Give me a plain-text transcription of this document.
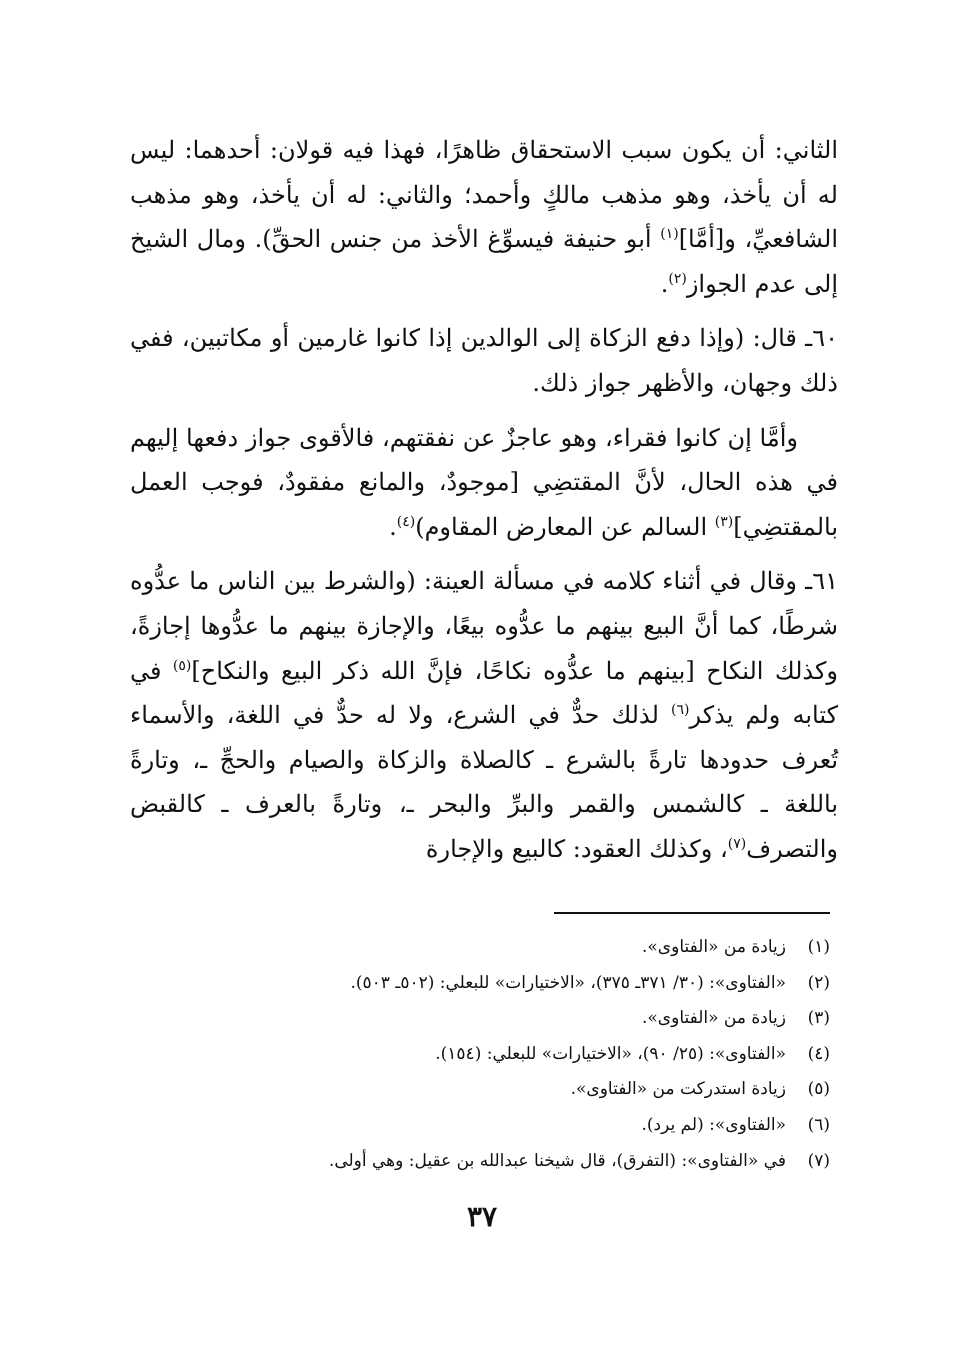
الثاني: أن يكون سبب الاستحقاق ظاهرًا، فهذا فيه قولان: أحدهما: ليس له أن يأخذ، وهو مذهب مالكٍ وأحمد؛ والثاني: له أن يأخذ، وهو مذهب الشافعيِّ، و[أمَّا]$^{(١)}$ أبو حنيفة فيسوِّغ الأخذ من جنس الحقِّ). ومال الشيخ إلى عدم الجواز$^{(٢)}$.

٦٠ـ قال: (وإذا دفع الزكاة إلى الوالدين إذا كانوا غارمين أو مكاتبين، ففي ذلك وجهان، والأظهر جواز ذلك.

وأمَّا إن كانوا فقراء، وهو عاجزٌ عن نفقتهم، فالأقوى جواز دفعها إليهم في هذه الحال، لأنَّ المقتضِي [موجودٌ، والمانع مفقودٌ، فوجب العمل بالمقتضِي]$^{(٣)}$ السالم عن المعارض المقاوم)$^{(٤)}$.

٦١ـ وقال في أثناء كلامه في مسألة العينة: (والشرط بين الناس ما عدُّوه شرطًا، كما أنَّ البيع بينهم ما عدُّوه بيعًا، والإجازة بينهم ما عدُّوها إجازةً، وكذلك النكاح [بينهم ما عدُّوه نكاحًا، فإنَّ الله ذكر البيع والنكاح]$^{(٥)}$ في كتابه ولم يذكر$^{(٦)}$ لذلك حدٌّ في الشرع، ولا له حدٌّ في اللغة، والأسماء تُعرف حدودها تارةً بالشرع ـ كالصلاة والزكاة والصيام والحجِّ ـ، وتارةً باللغة ـ كالشمس والقمر والبرِّ والبحر ـ، وتارةً بالعرف ـ كالقبض والتصرف$^{(٧)}$، وكذلك العقود: كالبيع والإجارة

(١)
زيادة من «الفتاوى».
(٢)
«الفتاوى»: (٣٠/ ٣٧١ـ ٣٧٥)، «الاختيارات» للبعلي: (٥٠٢ـ ٥٠٣).
(٣)
زيادة من «الفتاوى».
(٤)
«الفتاوى»: (٢٥/ ٩٠)، «الاختيارات» للبعلي: (١٥٤).
(٥)
زيادة استدركت من «الفتاوى».
(٦)
«الفتاوى»: (لم يرد).
(٧)
في «الفتاوى»: (التفرق)، قال شيخنا عبدالله بن عقيل: وهي أولى.
٣٧
